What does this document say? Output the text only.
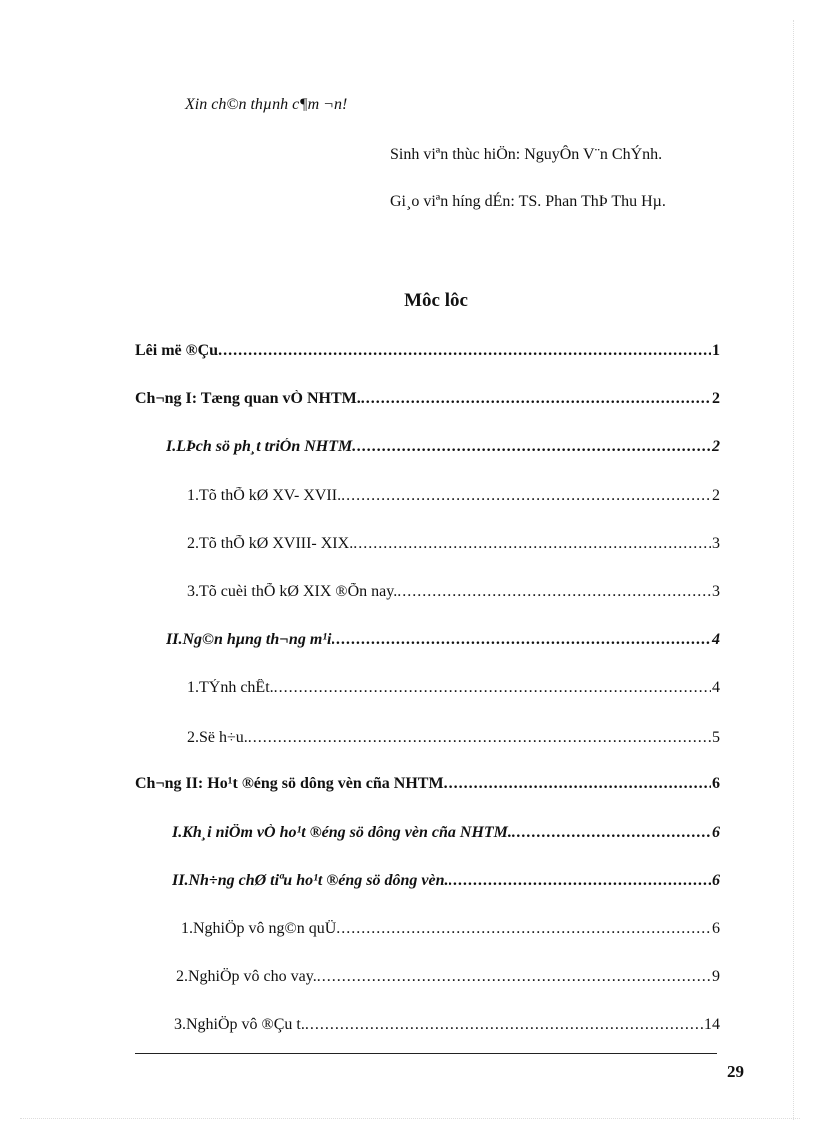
Xin ch©n thµnh c¶m ¬n!
Sinh viªn thùc hiÖn: NguyÔn V¨n ChÝnh.
Gi¸o viªn híng dÉn: TS. Phan ThÞ Thu Hµ.
Môc lôc
Lêi më ®Çu .....	1
Ch¬ng I: Tæng quan vÒ NHTM. .....	2
I.LÞch sö ph¸t triÓn NHTM .....	2
1.Tõ thÕ kØ XV- XVII. .....	2
2.Tõ thÕ kØ XVIII- XIX. .....	3
3.Tõ cuèi thÕ kØ XIX ®Õn nay. .....	3
II.Ng©n hµng th¬ng m¹i .....	4
1.TÝnh chÊt. .....	4
2.Së h÷u. .....	5
Ch¬ng II: Ho¹t ®éng sö dông vèn cña NHTM .....	6
I.Kh¸i niÖm vÒ ho¹t ®éng sö dông vèn cña NHTM. .....	6
II.Nh÷ng chØ tiªu ho¹t ®éng sö dông vèn. .....	6
1.NghiÖp vô ng©n quÜ .....	6
2.NghiÖp vô cho vay. .....	9
3.NghiÖp vô ®Çu t. .....	14
29
